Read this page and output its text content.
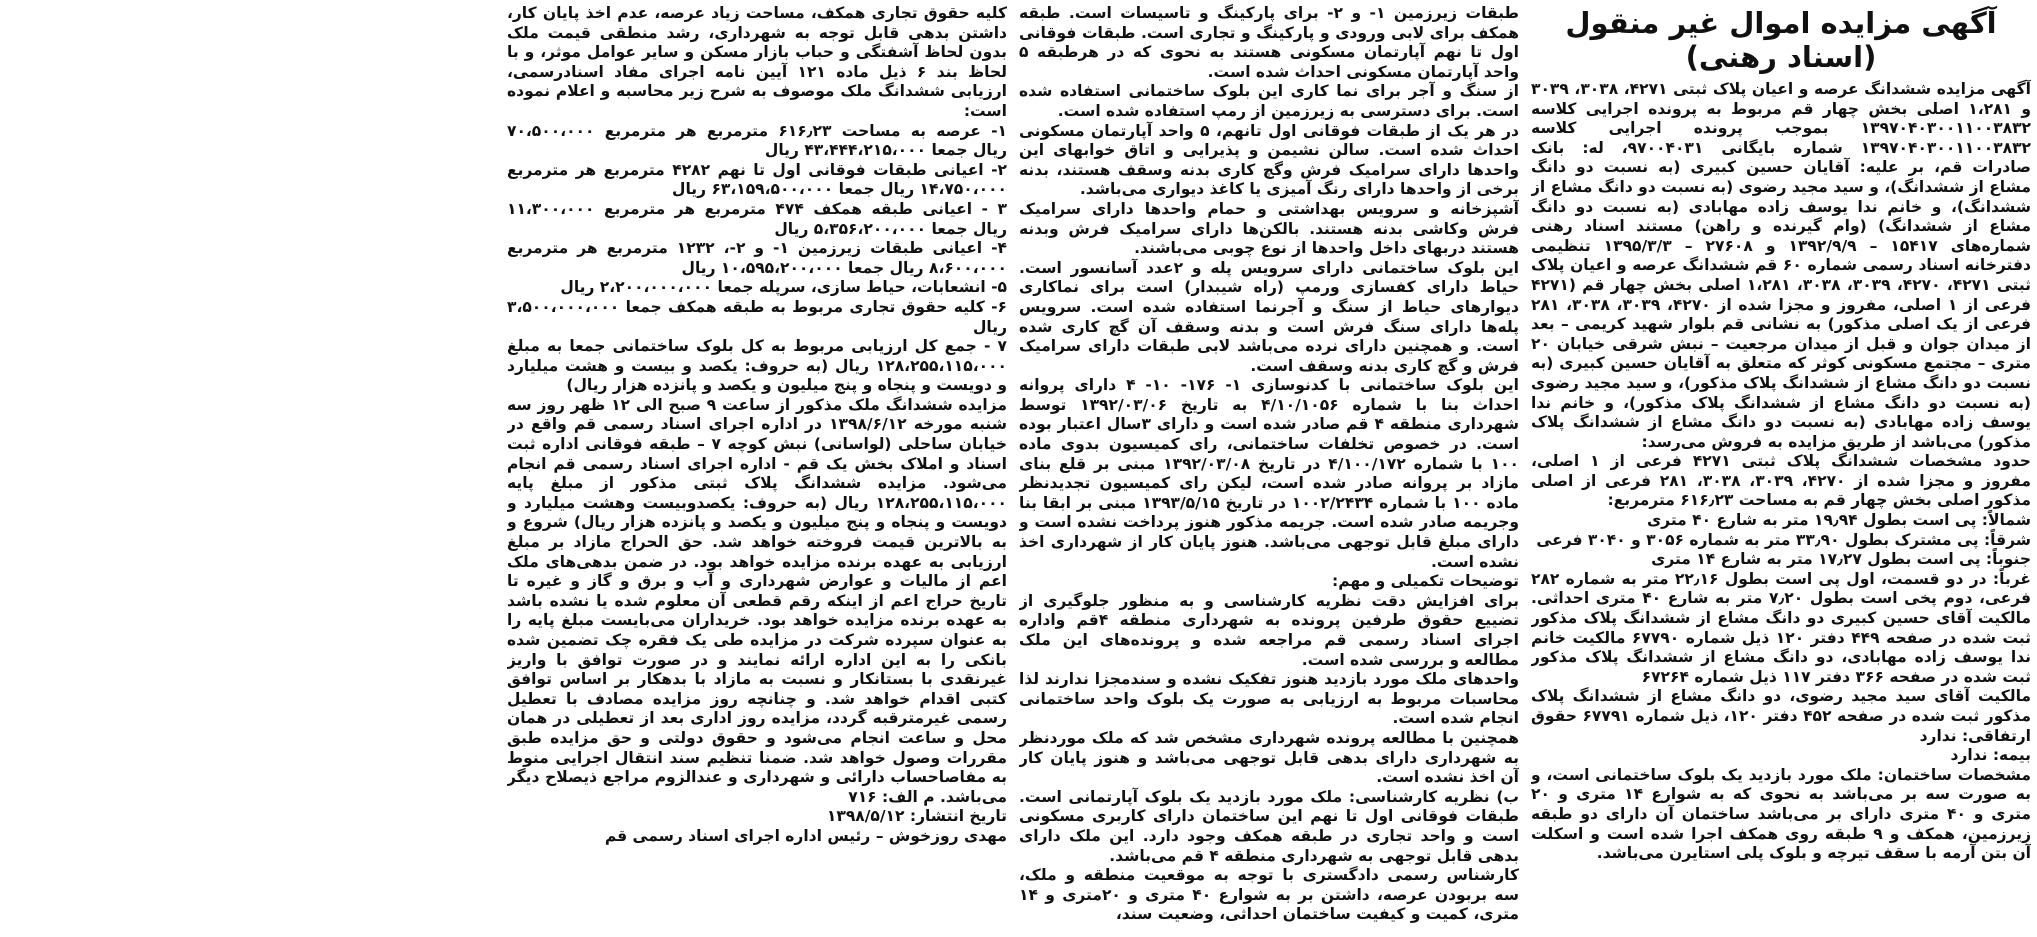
آگهی مزایده اموال غیر منقول (اسناد رهنی)

آگهی مزایده ششدانگ عرصه و اعیان پلاک ثبتی ۴۲۷۱، ۳۰۳۸، ۳۰۳۹ و ۱،۲۸۱ اصلی بخش چهار قم مربوط به پرونده اجرایی کلاسه ۱۳۹۷۰۴۰۳۰۰۱۱۰۰۳۸۳۲ بموجب پرونده اجرایی کلاسه ۱۳۹۷۰۴۰۳۰۰۱۱۰۰۳۸۳۲ شماره بایگانی ۹۷۰۰۴۰۳۱، له: بانک صادرات قم، بر علیه: آقایان حسین کبیری (به نسبت دو دانگ مشاع از ششدانگ)، و سید مجید رضوی (به نسبت دو دانگ مشاع از ششدانگ)، و خانم ندا یوسف زاده مهابادی (به نسبت دو دانگ مشاع از ششدانگ) (وام گیرنده و راهن) مستند اسناد رهنی شماره‌های ۱۵۴۱۷ – ۱۳۹۲/۹/۹ و ۲۷۶۰۸ – ۱۳۹۵/۳/۳ تنظیمی دفترخانه اسناد رسمی شماره ۶۰ قم ششدانگ عرصه و اعیان پلاک ثبتی ۴۲۷۱، ۴۲۷۰، ۳۰۳۹، ۳۰۳۸، ۱،۲۸۱ اصلی بخش چهار قم (۴۲۷۱ فرعی از ۱ اصلی، مفروز و مجزا شده از ۴۲۷۰، ۳۰۳۹، ۳۰۳۸، ۲۸۱ فرعی از یک اصلی مذکور) به نشانی قم بلوار شهید کریمی – بعد از میدان جوان و قبل از میدان مرجعیت – نبش شرقی خیابان ۲۰ متری – مجتمع مسکونی کوثر که متعلق به آقایان حسین کبیری (به نسبت دو دانگ مشاع از ششدانگ پلاک مذکور)، و سید مجید رضوی (به نسبت دو دانگ مشاع از ششدانگ پلاک مذکور)، و خانم ندا یوسف زاده مهابادی (به نسبت دو دانگ مشاع از ششدانگ پلاک مذکور) می‌باشد از طریق مزایده به فروش می‌رسد:

حدود مشخصات ششدانگ پلاک ثبتی ۴۲۷۱ فرعی از ۱ اصلی، مفروز و مجزا شده از ۴۲۷۰، ۳۰۳۹، ۳۰۳۸، ۲۸۱ فرعی از اصلی مذکور اصلی بخش چهار قم به مساحت ۶۱۶٫۲۳ مترمربع:

شمالاً: پی است بطول ۱۹٫۹۴ متر به شارع ۴۰ متری

شرقاً: پی مشترک بطول ۳۳٫۹۰ متر به شماره ۳۰۵۶ و ۳۰۴۰ فرعی

جنوباً: پی است بطول ۱۷٫۲۷ متر به شارع ۱۴ متری

غرباً: در دو قسمت، اول پی است بطول ۲۲٫۱۶ متر به شماره ۲۸۲ فرعی، دوم پخی است بطول ۷٫۲۰ متر به شارع ۴۰ متری احداثی. مالکیت آقای حسین کبیری دو دانگ مشاع از ششدانگ پلاک مذکور ثبت شده در صفحه ۴۴۹ دفتر ۱۲۰ ذیل شماره ۶۷۷۹۰ مالکیت خانم ندا یوسف زاده مهابادی، دو دانگ مشاع از ششدانگ پلاک مذکور ثبت شده در صفحه ۳۶۶ دفتر ۱۱۷ ذیل شماره ۶۷۲۶۴

مالکیت آقای سید مجید رضوی، دو دانگ مشاع از ششدانگ پلاک مذکور ثبت شده در صفحه ۴۵۲ دفتر ۱۲۰، ذیل شماره ۶۷۷۹۱ حقوق ارتفاقی: ندارد

بیمه: ندارد

مشخصات ساختمان: ملک مورد بازدید یک بلوک ساختمانی است، و به صورت سه بر می‌باشد به نحوی که به شوارع ۱۴ متری و ۲۰ متری و ۴۰ متری دارای بر می‌باشد ساختمان آن دارای دو طبقه زیرزمین، همکف و ۹ طبقه روی همکف اجرا شده است و اسکلت آن بتن آرمه با سقف تیرچه و بلوک پلی استایرن می‌باشد.

طبقات زیرزمین ۱- و ۲- برای پارکینگ و تاسیسات است. طبقه همکف برای لابی ورودی و پارکینگ و تجاری است. طبقات فوقانی اول تا نهم آپارتمان مسکونی هستند به نحوی که در هرطبقه ۵ واحد آپارتمان مسکونی احداث شده است.

از سنگ و آجر برای نما کاری این بلوک ساختمانی استفاده شده است. برای دسترسی به زیرزمین از رمپ استفاده شده است.

در هر یک از طبقات فوقانی اول تانهم، ۵ واحد آپارتمان مسکونی احداث شده است. سالن نشیمن و پذیرایی و اتاق خوابهای این واحدها دارای سرامیک فرش وگچ کاری بدنه وسقف هستند، بدنه برخی از واحدها دارای رنگ آمیزی یا کاغذ دیواری می‌باشد.

آشپزخانه و سرویس بهداشتی و حمام واحدها دارای سرامیک فرش وکاشی بدنه هستند. بالکن‌ها دارای سرامیک فرش وبدنه هستند دربهای داخل واحدها از نوع چوبی می‌باشند.

این بلوک ساختمانی دارای سرویس پله و ۲عدد آسانسور است. حیاط دارای کفسازی ورمپ (راه شیبدار) است برای نماکاری دیوارهای حیاط از سنگ و آجرنما استفاده شده است. سرویس پله‌ها دارای سنگ فرش است و بدنه وسقف آن گچ کاری شده است. و همچنین دارای نرده می‌باشد لابی طبقات دارای سرامیک فرش و گچ کاری بدنه وسقف است.

این بلوک ساختمانی با کدنوسازی ۱- ۱۷۶- ۱۰- ۴ دارای پروانه احداث بنا با شماره ۴/۱۰/۱۰۵۶ به تاریخ ۱۳۹۲/۰۳/۰۶ توسط شهرداری منطقه ۴ قم صادر شده است و دارای ۳سال اعتبار بوده است. در خصوص تخلفات ساختمانی، رای کمیسیون بدوی ماده ۱۰۰ با شماره ۴/۱۰۰/۱۷۲ در تاریخ ۱۳۹۲/۰۳/۰۸ مبنی بر قلع بنای مازاد بر پروانه صادر شده است، لیکن رای کمیسیون تجدیدنظر ماده ۱۰۰ با شماره ۱۰۰۲/۲۴۳۴ در تاریخ ۱۳۹۳/۵/۱۵ مبنی بر ابقا بنا وجریمه صادر شده است. جریمه مذکور هنوز پرداخت نشده است و دارای مبلغ قابل توجهی می‌باشد. هنوز پایان کار از شهرداری اخذ نشده است.

توضیحات تکمیلی و مهم:

برای افزایش دقت نظریه کارشناسی و به منظور جلوگیری از تضییع حقوق طرفین پرونده به شهرداری منطقه ۴قم واداره اجرای اسناد رسمی قم مراجعه شده و پرونده‌های این ملک مطالعه و بررسی شده است.

واحدهای ملک مورد بازدید هنوز تفکیک نشده و سندمجزا ندارند لذا محاسبات مربوط به ارزیابی به صورت یک بلوک واحد ساختمانی انجام شده است.

همچنین با مطالعه پرونده شهرداری مشخص شد که ملک موردنظر به شهرداری دارای بدهی قابل توجهی می‌باشد و هنوز پایان کار آن اخذ نشده است.

ب) نظریه کارشناسی: ملک مورد بازدید یک بلوک آپارتمانی است. طبقات فوقانی اول تا نهم این ساختمان دارای کاربری مسکونی است و واحد تجاری در طبقه همکف وجود دارد. این ملک دارای بدهی قابل توجهی به شهرداری منطقه ۴ قم می‌باشد.

کارشناس رسمی دادگستری با توجه به موقعیت منطقه و ملک، سه بربودن عرصه، داشتن بر به شوارع ۴۰ متری و ۲۰متری و ۱۴ متری، کمیت و کیفیت ساختمان احداثی، وضعیت سند،

کلیه حقوق تجاری همکف، مساحت زیاد عرصه، عدم اخذ پایان کار، داشتن بدهی قابل توجه به شهرداری، رشد منطقی قیمت ملک بدون لحاظ آشفتگی و حباب بازار مسکن و سایر عوامل موثر، و با لحاظ بند ۶ ذیل ماده ۱۲۱ آیین نامه اجرای مفاد اسنادرسمی، ارزیابی ششدانگ ملک موصوف به شرح زیر محاسبه و اعلام نموده است:

۱- عرصه به مساحت ۶۱۶٫۲۳ مترمربع هر مترمربع ۷۰،۵۰۰،۰۰۰ ریال جمعا ۴۳،۴۴۴،۲۱۵،۰۰۰ ریال

۲- اعیانی طبقات فوقانی اول تا نهم ۴۲۸۲ مترمربع هر مترمربع ۱۴،۷۵۰،۰۰۰ ریال جمعا ۶۳،۱۵۹،۵۰۰،۰۰۰ ریال

۳ - اعیانی طبقه همکف ۴۷۴ مترمربع هر مترمربع ۱۱،۳۰۰،۰۰۰ ریال جمعا ۵،۳۵۶،۲۰۰،۰۰۰ ریال

۴- اعیانی طبقات زیرزمین ۱- و ۲-، ۱۲۳۲ مترمربع هر مترمربع ۸،۶۰۰،۰۰۰ ریال جمعا ۱۰،۵۹۵،۲۰۰،۰۰۰ ریال

۵- انشعابات، حیاط سازی، سرپله جمعا ۲،۲۰۰،۰۰۰،۰۰۰ ریال

۶- کلیه حقوق تجاری مربوط به طبقه همکف جمعا ۳،۵۰۰،۰۰۰،۰۰۰ ریال

۷ - جمع کل ارزیابی مربوط به کل بلوک ساختمانی جمعا به مبلغ ۱۲۸،۲۵۵،۱۱۵،۰۰۰ ریال (به حروف: یکصد و بیست و هشت میلیارد و دویست و پنجاه و پنج میلیون و یکصد و پانزده هزار ریال)

مزایده ششدانگ ملک مذکور از ساعت ۹ صبح الی ۱۲ ظهر روز سه شنبه مورخه ۱۳۹۸/۶/۱۲ در اداره اجرای اسناد رسمی قم واقع در خیابان ساحلی (لواسانی) نبش کوچه ۷ – طبقه فوقانی اداره ثبت اسناد و املاک بخش یک قم - اداره اجرای اسناد رسمی قم انجام می‌شود. مزایده ششدانگ پلاک ثبتی مذکور از مبلغ پایه ۱۲۸،۲۵۵،۱۱۵،۰۰۰ ریال (به حروف: یکصدوبیست وهشت میلیارد و دویست و پنجاه و پنج میلیون و یکصد و پانزده هزار ریال) شروع و به بالاترین قیمت فروخته خواهد شد. حق الحراج مازاد بر مبلغ ارزیابی به عهده برنده مزایده خواهد بود. در ضمن بدهی‌های ملک اعم از مالیات و عوارض شهرداری و آب و برق و گاز و غیره تا تاریخ حراج اعم از اینکه رقم قطعی آن معلوم شده یا نشده باشد به عهده برنده مزایده خواهد بود. خریداران می‌بایست مبلغ پایه را به عنوان سپرده شرکت در مزایده طی یک فقره چک تضمین شده بانکی را به این اداره ارائه نمایند و در صورت توافق با واریز غیرنقدی با بستانکار و نسبت به مازاد با بدهکار بر اساس توافق کتبی اقدام خواهد شد. و چنانچه روز مزایده مصادف با تعطیل رسمی غیرمترقبه گردد، مزایده روز اداری بعد از تعطیلی در همان محل و ساعت انجام می‌شود و حقوق دولتی و حق مزایده طبق مقررات وصول خواهد شد. ضمنا تنظیم سند انتقال اجرایی منوط به مفاصاحساب دارائی و شهرداری و عندالزوم مراجع ذیصلاح دیگر می‌باشد. م الف: ۷۱۶

تاریخ انتشار: ۱۳۹۸/۵/۱۲

مهدی روزخوش – رئیس اداره اجرای اسناد رسمی قم
